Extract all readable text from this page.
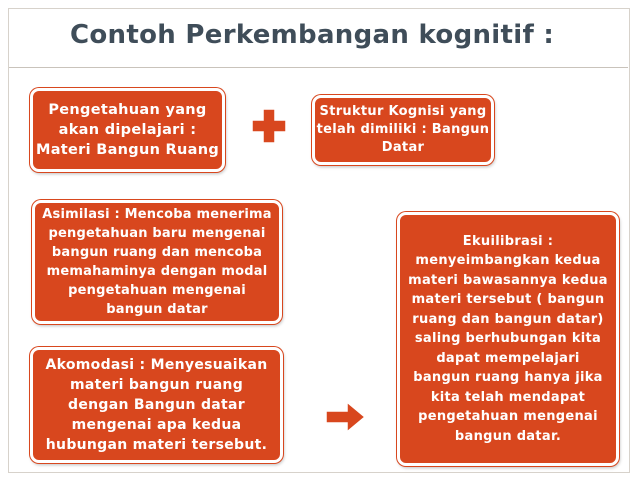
Contoh Perkembangan kognitif :
Pengetahuan yang akan dipelajari : Materi Bangun Ruang
Struktur Kognisi yang telah dimiliki : Bangun Datar
Asimilasi : Mencoba menerima pengetahuan baru mengenai bangun ruang dan mencoba memahaminya dengan modal pengetahuan mengenai bangun datar
Akomodasi : Menyesuaikan materi bangun ruang dengan Bangun datar mengenai apa kedua hubungan materi tersebut.
Ekuilibrasi : menyeimbangkan kedua materi bawasannya kedua materi tersebut ( bangun ruang dan bangun datar) saling berhubungan kita dapat mempelajari bangun ruang hanya jika kita telah mendapat pengetahuan mengenai bangun datar.
